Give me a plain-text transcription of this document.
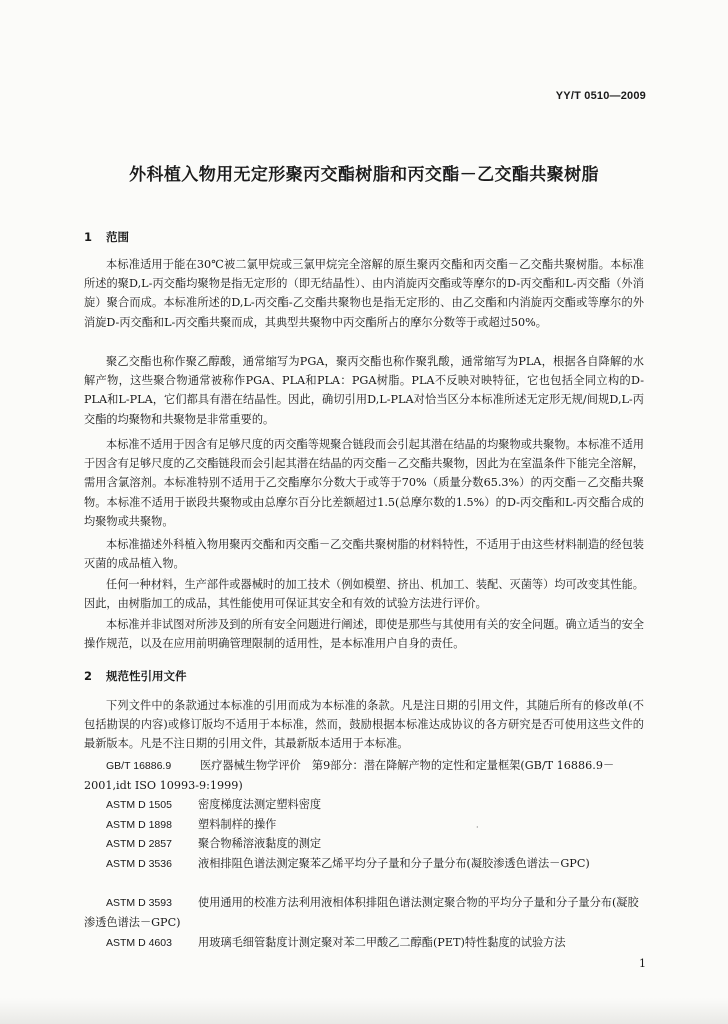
YY/T 0510—2009
外科植入物用无定形聚丙交酯树脂和丙交酯－乙交酯共聚树脂
1 范围

本标准适用于能在30℃被二氯甲烷或三氯甲烷完全溶解的原生聚丙交酯和丙交酯－乙交酯共聚树脂。本标准所述的聚D,L-丙交酯均聚物是指无定形的（即无结晶性）、由内消旋丙交酯或等摩尔的D-丙交酯和L-丙交酯（外消旋）聚合而成。本标准所述的D,L-丙交酯-乙交酯共聚物也是指无定形的、由乙交酯和内消旋丙交酯或等摩尔的外消旋D-丙交酯和L-丙交酯共聚而成，其典型共聚物中丙交酯所占的摩尔分数等于或超过50%。

聚乙交酯也称作聚乙醇酸，通常缩写为PGA，聚丙交酯也称作聚乳酸，通常缩写为PLA，根据各自降解的水解产物，这些聚合物通常被称作PGA、PLA和PLA：PGA树脂。PLA不反映对映特征，它也包括全同立构的D-PLA和L-PLA，它们都具有潜在结晶性。因此，确切引用D,L-PLA对恰当区分本标准所述无定形无规/间规D,L-丙交酯的均聚物和共聚物是非常重要的。

本标准不适用于因含有足够尺度的丙交酯等规聚合链段而会引起其潜在结晶的均聚物或共聚物。本标准不适用于因含有足够尺度的乙交酯链段而会引起其潜在结晶的丙交酯－乙交酯共聚物，因此为在室温条件下能完全溶解，需用含氯溶剂。本标准特别不适用于乙交酯摩尔分数大于或等于70%（质量分数65.3%）的丙交酯－乙交酯共聚物。本标准不适用于嵌段共聚物或由总摩尔百分比差额超过1.5(总摩尔数的1.5%）的D-丙交酯和L-丙交酯合成的均聚物或共聚物。

本标准描述外科植入物用聚丙交酯和丙交酯－乙交酯共聚树脂的材料特性，不适用于由这些材料制造的经包装灭菌的成品植入物。

任何一种材料，生产部件或器械时的加工技术（例如模塑、挤出、机加工、装配、灭菌等）均可改变其性能。因此，由树脂加工的成品，其性能使用可保证其安全和有效的试验方法进行评价。

本标准并非试图对所涉及到的所有安全问题进行阐述，即使是那些与其使用有关的安全问题。确立适当的安全操作规范，以及在应用前明确管理限制的适用性，是本标准用户自身的责任。

2 规范性引用文件

下列文件中的条款通过本标准的引用而成为本标准的条款。凡是注日期的引用文件，其随后所有的修改单(不包括勘误的内容)或修订版均不适用于本标准，然而，鼓励根据本标准达成协议的各方研究是否可使用这些文件的最新版本。凡是不注日期的引用文件，其最新版本适用于本标准。

GB/T 16886.9	医疗器械生物学评价　第9部分：潜在降解产物的定性和定量框架(GB/T 16886.9－2001,idt ISO 10993-9:1999)

ASTM D 1505 密度梯度法测定塑料密度

ASTM D 1898 塑料制样的操作

ASTM D 2857 聚合物稀溶液黏度的测定

ASTM D 3536 液相排阻色谱法测定聚苯乙烯平均分子量和分子量分布(凝胶渗透色谱法－GPC)

ASTM D 3593 使用通用的校准方法利用液相体积排阻色谱法测定聚合物的平均分子量和分子量分布(凝胶渗透色谱法－GPC)

ASTM D 4603 用玻璃毛细管黏度计测定聚对苯二甲酸乙二醇酯(PET)特性黏度的试验方法

1
·
